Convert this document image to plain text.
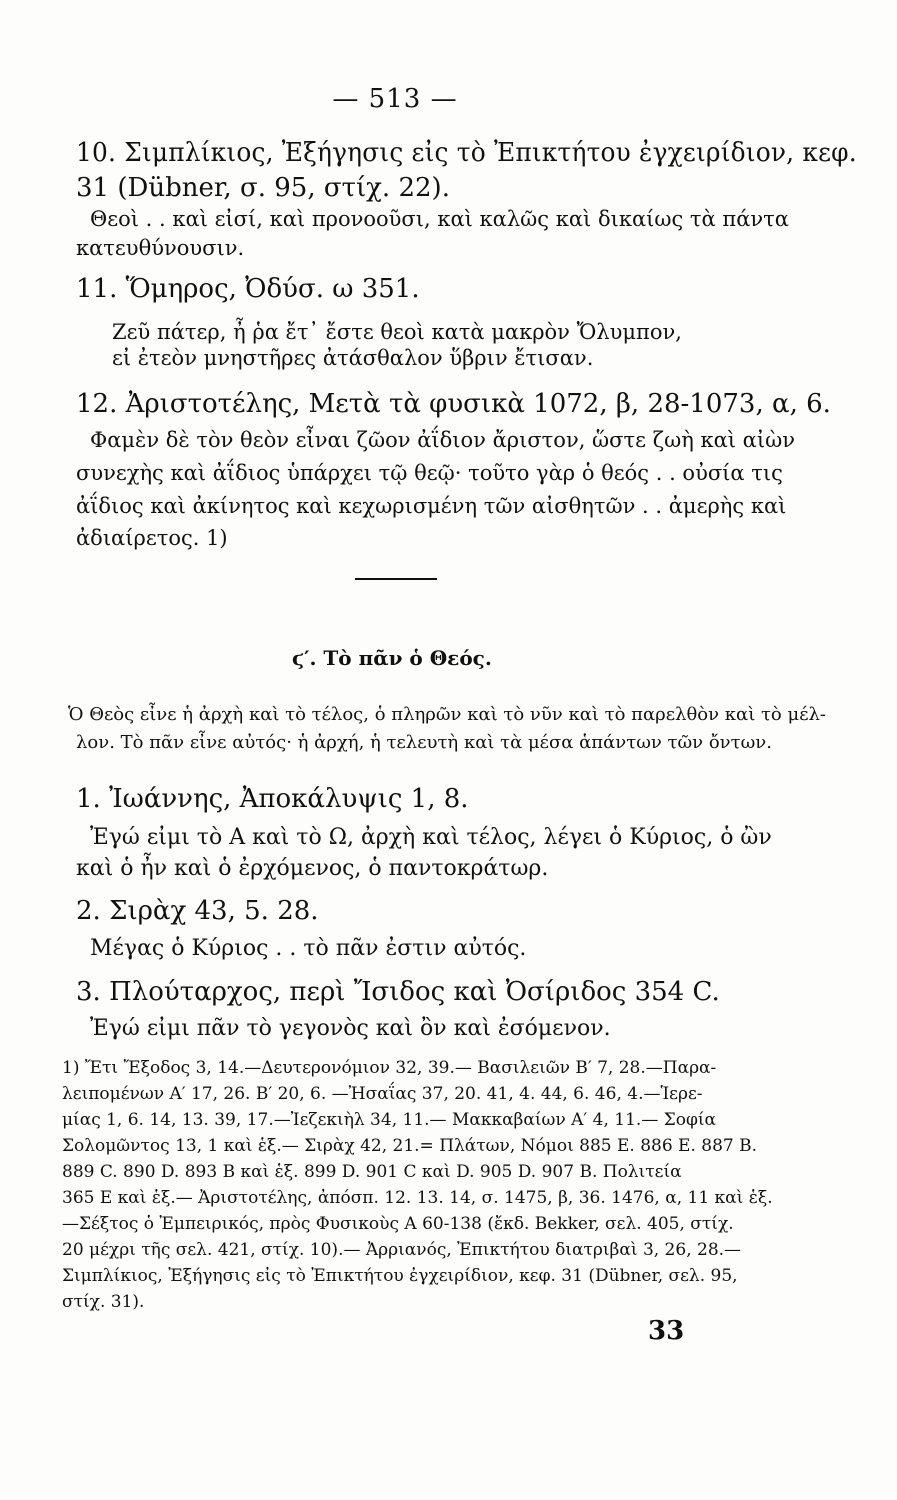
— 513 —
10. Σιμπλίκιος, Ἐξήγησις εἰς τὸ Ἐπικτήτου ἐγχειρίδιον, κεφ.
31 (Dübner, σ. 95, στίχ. 22).
Θεοὶ . . καὶ εἰσί, καὶ προνοοῦσι, καὶ καλῶς καὶ δικαίως τὰ πάντα
κατευθύνουσιν.
11. Ὅμηρος, Ὀδύσ. ω 351.
Ζεῦ πάτερ, ἦ ῥα ἔτ᾽ ἔστε θεοὶ κατὰ μακρὸν Ὄλυμπον,
εἰ ἐτεὸν μνηστῆρες ἀτάσθαλον ὕβριν ἔτισαν.
12. Ἀριστοτέλης, Μετὰ τὰ φυσικὰ 1072, β, 28-1073, α, 6.
Φαμὲν δὲ τὸν θεὸν εἶναι ζῶον ἀΐδιον ἄριστον, ὥστε ζωὴ καὶ αἰὼν
συνεχὴς καὶ ἀΐδιος ὑπάρχει τῷ θεῷ· τοῦτο γὰρ ὁ θεός . . οὐσία τις
ἀΐδιος καὶ ἀκίνητος καὶ κεχωρισμένη τῶν αἰσθητῶν . . ἀμερὴς καὶ
ἀδιαίρετος. 1)
ϛ′. Τὸ πᾶν ὁ Θεός.
Ὁ Θεὸς εἶνε ἡ ἀρχὴ καὶ τὸ τέλος, ὁ πληρῶν καὶ τὸ νῦν καὶ τὸ παρελθὸν καὶ τὸ μέλ-
λον. Τὸ πᾶν εἶνε αὐτός· ἡ ἀρχή, ἡ τελευτὴ καὶ τὰ μέσα ἁπάντων τῶν ὄντων.
1. Ἰωάννης, Ἀποκάλυψις 1, 8.
Ἐγώ εἰμι τὸ Α καὶ τὸ Ω, ἀρχὴ καὶ τέλος, λέγει ὁ Κύριος, ὁ ὢν
καὶ ὁ ἦν καὶ ὁ ἐρχόμενος, ὁ παντοκράτωρ.
2. Σιρὰχ 43, 5. 28.
Μέγας ὁ Κύριος . . τὸ πᾶν ἐστιν αὐτός.
3. Πλούταρχος, περὶ Ἴσιδος καὶ Ὀσίριδος 354 C.
Ἐγώ εἰμι πᾶν τὸ γεγονὸς καὶ ὂν καὶ ἐσόμενον.
1) Ἔτι Ἔξοδος 3, 14.—Δευτερονόμιον 32, 39.— Βασιλειῶν Β′ 7, 28.—Παρα-
λειπομένων Α′ 17, 26. Β′ 20, 6. —Ἠσαΐας 37, 20. 41, 4. 44, 6. 46, 4.—Ἱερε-
μίας 1, 6. 14, 13. 39, 17.—Ἰεζεκιὴλ 34, 11.— Μακκαβαίων Α′ 4, 11.— Σοφία
Σολομῶντος 13, 1 καὶ ἑξ.— Σιρὰχ 42, 21.= Πλάτων, Νόμοι 885 Ε. 886 Ε. 887 Β.
889 C. 890 D. 893 Β καὶ ἑξ. 899 D. 901 C καὶ D. 905 D. 907 Β. Πολιτεία
365 Ε καὶ ἑξ.— Ἀριστοτέλης, ἀπόσπ. 12. 13. 14, σ. 1475, β, 36. 1476, α, 11 καὶ ἑξ.
—Σέξτος ὁ Ἐμπειρικός, πρὸς Φυσικοὺς Α 60-138 (ἔκδ. Bekker, σελ. 405, στίχ.
20 μέχρι τῆς σελ. 421, στίχ. 10).— Ἀρριανός, Ἐπικτήτου διατριβαὶ 3, 26, 28.—
Σιμπλίκιος, Ἐξήγησις εἰς τὸ Ἐπικτήτου ἐγχειρίδιον, κεφ. 31 (Dübner, σελ. 95,
στίχ. 31).
33
